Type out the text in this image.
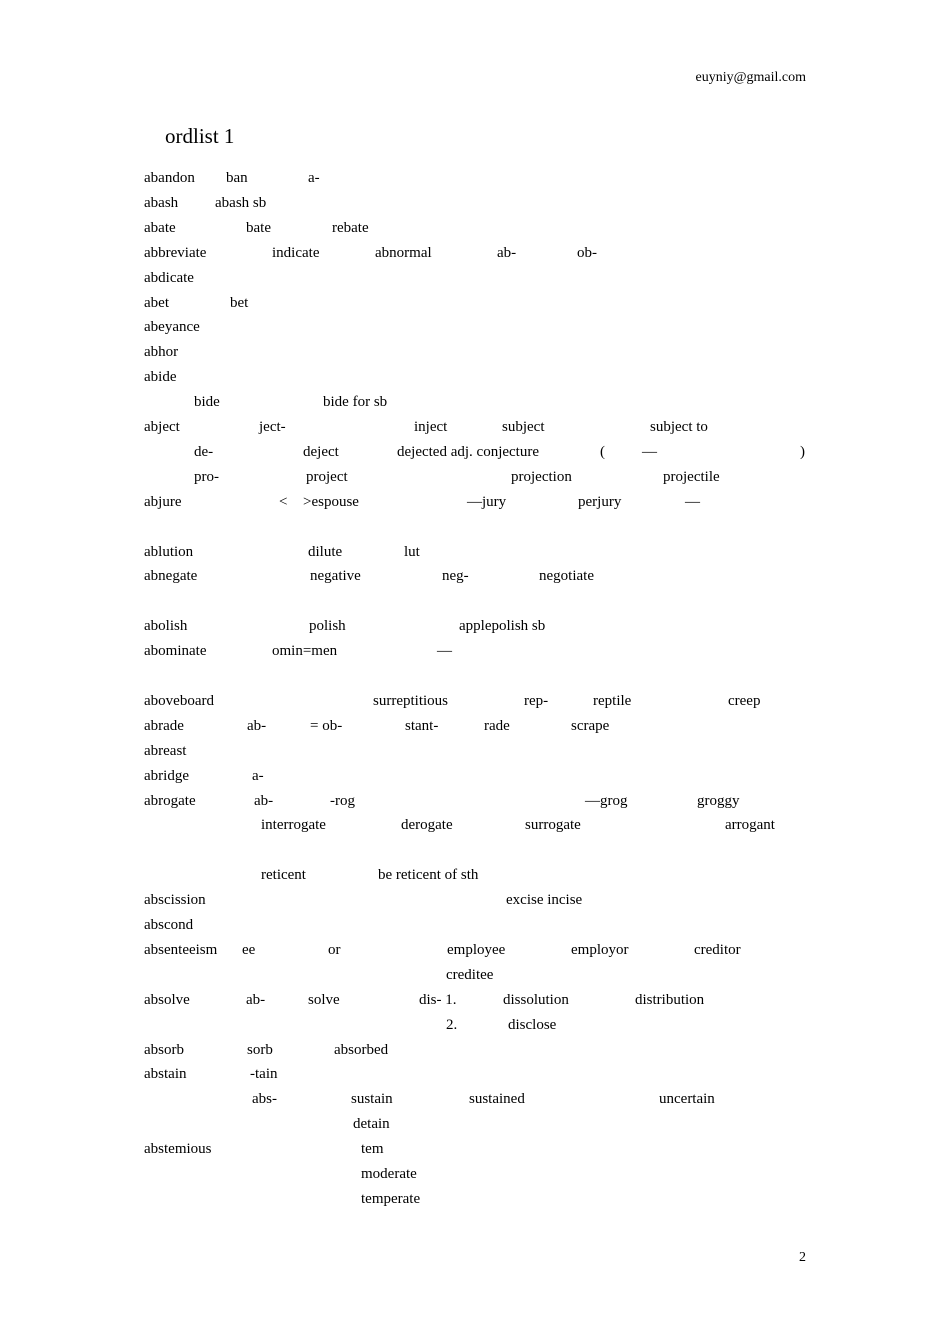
euyniy@gmail.com
ordlist 1
abandon ban	a-
abash abash sb
abate	bate	rebate
abbreviate	indicate	abnormal	ab-	ob-
abdicate
abet	bet
abeyance
abhor
abide
bide	bide for sb
abject	ject-	inject	subject	subject to
de-	deject	dejected adj. conjecture	( —	)
pro-	project	projection	projectile
abjure	< >espouse	—jury	perjury	—
ablution	dilute	lut
abnegate	negative	neg-	negotiate
abolish	polish	applepolish sb
abominate	omin=men	—
aboveboard	surreptitious	rep-	reptile	creep
abrade	ab-	= ob-	stant-	rade	scrape
abreast
abridge	a-
abrogate	ab-	-rog	—grog	groggy
interrogate	derogate	surrogate	arrogant
reticent	be reticent of sth
abscission	excise incise
abscond
absenteeism ee	or	employee	employor	creditor
creditee
absolve	ab-	solve	dis- 1.	dissolution	distribution
2.	disclose
absorb	sorb	absorbed
abstain	-tain
abs-	sustain	sustained	uncertain
detain
abstemious	tem
moderate
temperate
2
